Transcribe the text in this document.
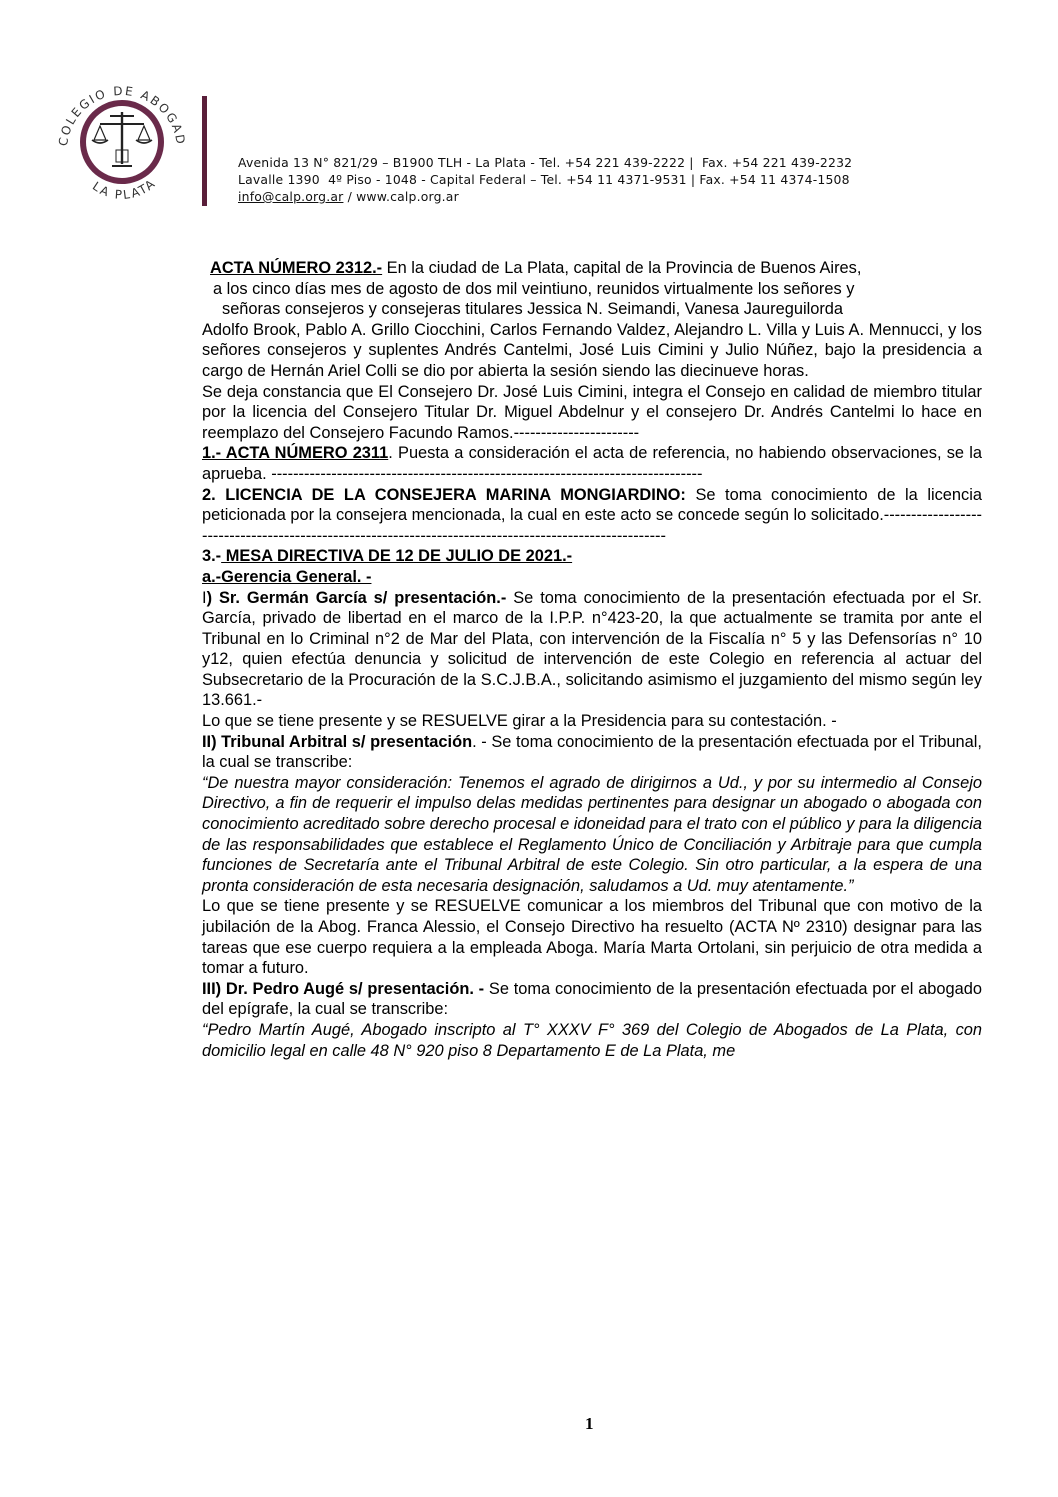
COLEGIO DE ABOGAD
LA PLATA
Avenida 13 N° 821/29 – B1900 TLH - La Plata - Tel. +54 221 439-2222 |  Fax. +54 221 439-2232
Lavalle 1390  4º Piso - 1048 - Capital Federal – Tel. +54 11 4371-9531 | Fax. +54 11 4374-1508
info@calp.org.ar / www.calp.org.ar

ACTA NÚMERO 2312.- En la ciudad de La Plata, capital de la Provincia de Buenos Aires,

a los cinco días mes de agosto de dos mil veintiuno, reunidos virtualmente los señores y

señoras consejeros y consejeras titulares Jessica N. Seimandi, Vanesa Jaureguilorda

Adolfo Brook, Pablo A. Grillo Ciocchini, Carlos Fernando Valdez, Alejandro L. Villa y Luis A. Mennucci, y los señores consejeros y suplentes Andrés Cantelmi, José Luis Cimini y Julio Núñez, bajo la presidencia a cargo de Hernán Ariel Colli se dio por abierta la sesión siendo las diecinueve horas.

Se deja constancia que El Consejero Dr. José Luis Cimini, integra el Consejo en calidad de miembro titular por la licencia del Consejero Titular Dr. Miguel Abdelnur y el consejero Dr. Andrés Cantelmi lo hace en reemplazo del Consejero Facundo Ramos.-----------------------

1.- ACTA NÚMERO 2311. Puesta a consideración el acta de referencia, no habiendo observaciones, se la aprueba. -------------------------------------------------------------------------------

2. LICENCIA DE LA CONSEJERA MARINA MONGIARDINO: Se toma conocimiento de la licencia peticionada por la consejera mencionada, la cual en este acto se concede según lo solicitado.-------------------------------------------------------------------------------------------------------

3.- MESA DIRECTIVA DE 12 DE JULIO DE 2021.-

a.-Gerencia General. -

I) Sr. Germán García s/ presentación.- Se toma conocimiento de la presentación efectuada por el Sr. García, privado de libertad en el marco de la I.P.P. n°423-20, la que actualmente se tramita por ante el Tribunal en lo Criminal n°2 de Mar del Plata, con intervención de la Fiscalía n° 5 y las Defensorías n° 10 y12, quien efectúa denuncia y solicitud de intervención de este Colegio en referencia al actuar del Subsecretario de la Procuración de la S.C.J.B.A., solicitando asimismo el juzgamiento del mismo según ley 13.661.-

Lo que se tiene presente y se RESUELVE girar a la Presidencia para su contestación. -

II) Tribunal Arbitral s/ presentación. - Se toma conocimiento de la presentación efectuada por el Tribunal, la cual se transcribe:

“De nuestra mayor consideración: Tenemos el agrado de dirigirnos a Ud., y por su intermedio al Consejo Directivo, a fin de requerir el impulso delas medidas pertinentes para designar un abogado o abogada con conocimiento acreditado sobre derecho procesal e idoneidad para el trato con el público y para la diligencia de las responsabilidades que establece el Reglamento Único de Conciliación y Arbitraje para que cumpla funciones de Secretaría ante el Tribunal Arbitral de este Colegio. Sin otro particular, a la espera de una pronta consideración de esta necesaria designación, saludamos a Ud. muy atentamente.”

Lo que se tiene presente y se RESUELVE comunicar a los miembros del Tribunal que con motivo de la jubilación de la Abog. Franca Alessio, el Consejo Directivo ha resuelto (ACTA Nº 2310) designar para las tareas que ese cuerpo requiera a la empleada Aboga. María Marta Ortolani, sin perjuicio de otra medida a tomar a futuro.

III) Dr. Pedro Augé s/ presentación. - Se toma conocimiento de la presentación efectuada por el abogado del epígrafe, la cual se transcribe:

“Pedro Martín Augé, Abogado inscripto al T° XXXV F° 369 del Colegio de Abogados de La Plata, con domicilio legal en calle 48 N° 920 piso 8 Departamento E de La Plata, me

1
